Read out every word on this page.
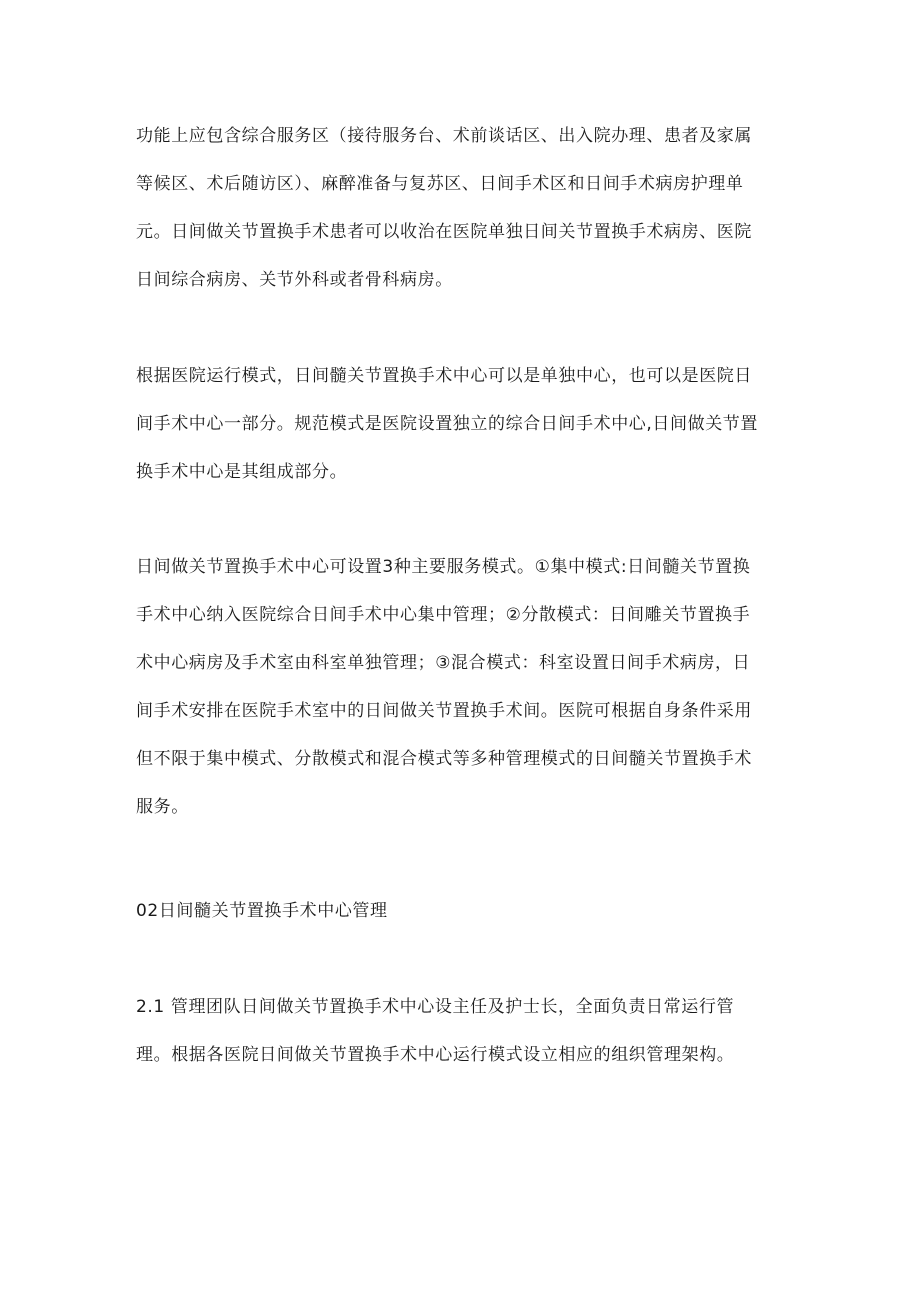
功能上应包含综合服务区（接待服务台、术前谈话区、出入院办理、患者及家属
等候区、术后随访区）、麻醉准备与复苏区、日间手术区和日间手术病房护理单
元。日间做关节置换手术患者可以收治在医院单独日间关节置换手术病房、医院
日间综合病房、关节外科或者骨科病房。

根据医院运行模式，日间髓关节置换手术中心可以是单独中心，也可以是医院日
间手术中心一部分。规范模式是医院设置独立的综合日间手术中心,日间做关节置
换手术中心是其组成部分。

日间做关节置换手术中心可设置3种主要服务模式。①集中模式:日间髓关节置换
手术中心纳入医院综合日间手术中心集中管理；②分散模式：日间雕关节置换手
术中心病房及手术室由科室单独管理；③混合模式：科室设置日间手术病房，日
间手术安排在医院手术室中的日间做关节置换手术间。医院可根据自身条件采用
但不限于集中模式、分散模式和混合模式等多种管理模式的日间髓关节置换手术
服务。

02日间髓关节置换手术中心管理

2.1 管理团队日间做关节置换手术中心设主任及护士长，全面负责日常运行管
理。根据各医院日间做关节置换手术中心运行模式设立相应的组织管理架构。
